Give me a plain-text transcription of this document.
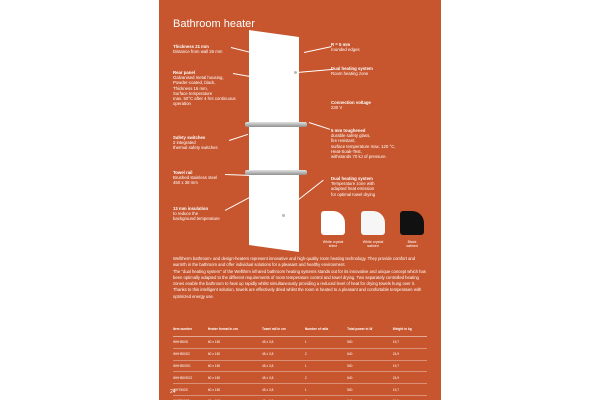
Bathroom heater
Thickness 21 mm
Distance from wall 26 mm
Rear panel
Galvanised metal housing,
Powder-coated, black,
Thickness 16 mm,
Surface temperature
max. 50°C after 4 hrs continuous
operation
Safety switches
2 integrated
thermal safety switches
Towel rail
Brushed stainless steel
450 x 38 mm
13 mm insulation
to reduce the
background temperature
R = 5 mm
rounded edges
Dual heating system
Room heating zone
Connection voltage
230 V
5 mm toughened
durable safety glass,
fire resistant,
surface temperature max. 120 °C,
Heat-Soak-Test,
withstands 70 kJ of pressure.
Dual heating system
Temperature zone with
adapted heat emission
for optimal towel drying
White crystal
shine
White crystal
satined
Black
satined

Welltherm bathroom- and design-heaters represent innovative and high-quality room heating technology. They provide comfort and warmth in the bathroom and offer individual solutions for a pleasant and healthy environment.

The "dual heating system" of the Wellthrm infrared bathroom heating systems stands out for its innovative and unique concept which has been optimally adapted to the different requirements of room temperature control and towel drying. Two separately controlled heating zones enable the bathroom to heat up rapidly whilst simultaneously providing a reduced level of heat for drying towels hung over it. Thanks to this intelligent solution, towels are effectively dried whilst the room is heated to a pleasant and comfortable temperature with optimized energy use.

Item number	Heater format in cm	Towel rail in cm	Number of rails	Total power in W	Weight in kg
WHH500S	60 x 150	45 x 3,8	1	500	19,7
WHH500S2	60 x 150	45 x 3,8	2	640	24,9
WHH500SG	60 x 150	45 x 3,8	1	500	19,7
WHH500SG2	60 x 150	45 x 3,8	2	640	24,9
WHT500S	60 x 150	45 x 3,8	1	500	19,7
WHT500S2	60 x 150	45 x 3,8	2	640	24,9
24
